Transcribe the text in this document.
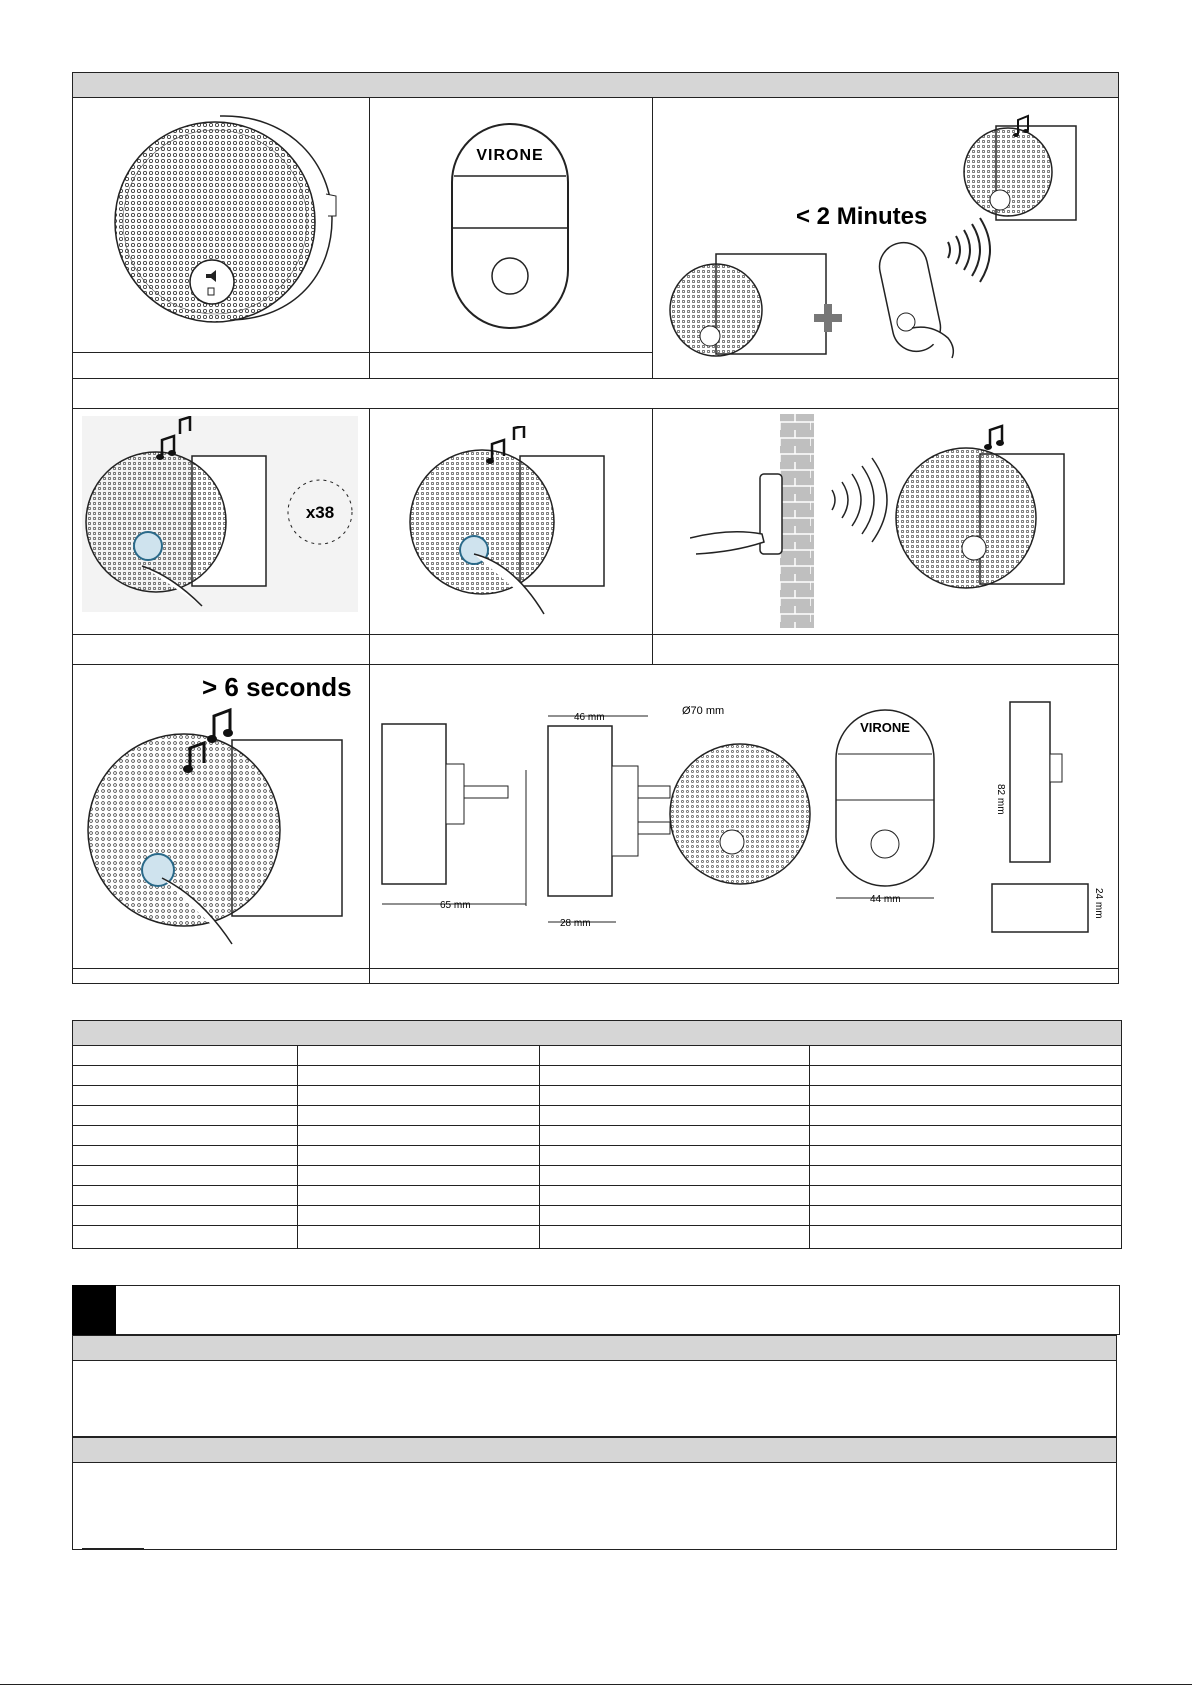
VIRONE
< 2 Minutes
x38
> 6 seconds
65 mm
46 mm
28 mm
Ø70 mm
VIRONE
44 mm
82 mm
24 mm
